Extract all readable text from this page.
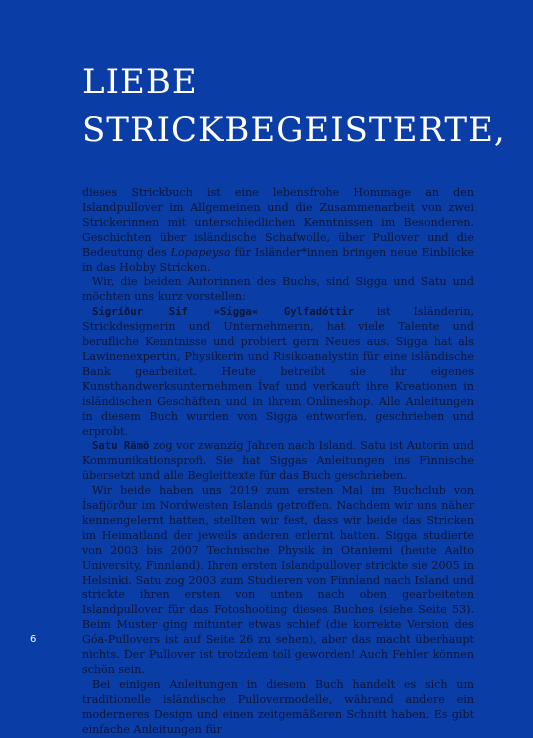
LIEBE
STRICKBEGEISTERTE,

dieses Strickbuch ist eine lebensfrohe Hommage an den Islandpullover im Allgemeinen und die Zusammenarbeit von zwei Strickerinnen mit unterschiedlichen Kenntnissen im Besonderen. Geschichten über isländische Schafwolle, über Pullover und die Bedeutung des Lopapeysa für Isländer*innen bringen neue Einblicke in das Hobby Stricken.

Wir, die beiden Autorinnen des Buchs, sind Sigga und Satu und möchten uns kurz vorstellen:

Sigríður Sif »Sigga« Gylfadóttir ist Isländerin, Strickdesignerin und Unternehmerin, hat viele Talente und berufliche Kenntnisse und probiert gern Neues aus. Sigga hat als Lawinenexpertin, Physikerin und Risikoanalystin für eine isländische Bank gearbeitet. Heute betreibt sie ihr eigenes Kunsthandwerksunternehmen Ívaf und verkauft ihre Kreationen in isländischen Geschäften und in ihrem Onlineshop. Alle Anleitungen in diesem Buch wurden von Sigga entworfen, geschrieben und erprobt.

Satu Rämö zog vor zwanzig Jahren nach Island. Satu ist Autorin und Kommunikationsprofi. Sie hat Siggas Anleitungen ins Finnische übersetzt und alle Begleittexte für das Buch geschrieben.

Wir beide haben uns 2019 zum ersten Mal im Buchclub von Ísafjörður im Nordwesten Islands getroffen. Nachdem wir uns näher kennengelernt hatten, stellten wir fest, dass wir beide das Stricken im Heimatland der jeweils anderen erlernt hatten. Sigga studierte von 2003 bis 2007 Technische Physik in Otaniemi (heute Aalto University, Finnland). Ihren ersten Islandpullover strickte sie 2005 in Helsinki. Satu zog 2003 zum Studieren von Finnland nach Island und strickte ihren ersten von unten nach oben gearbeiteten Islandpullover für das Fotoshooting dieses Buches (siehe Seite 53). Beim Muster ging mitunter etwas schief (die korrekte Version des Góa-Pullovers ist auf Seite 26 zu sehen), aber das macht überhaupt nichts. Der Pullover ist trotzdem toll geworden! Auch Fehler können schön sein.

Bei einigen Anleitungen in diesem Buch handelt es sich um traditionelle isländische Pullovermodelle, während andere ein moderneres Design und einen zeitgemäßeren Schnitt haben. Es gibt einfache Anleitungen für

6
